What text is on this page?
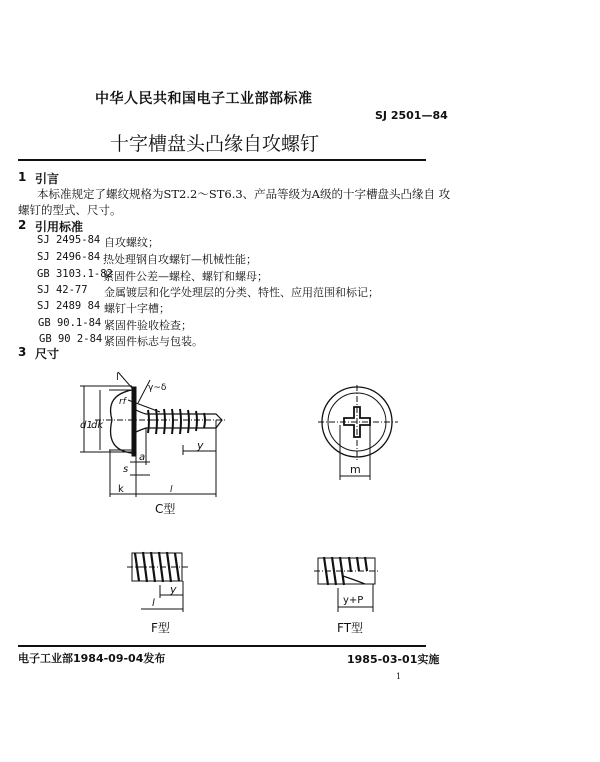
中华人民共和国电子工业部部标准
SJ 2501—84
十字槽盘头凸缘自攻螺钉
1 引言
本标准规定了螺纹规格为ST2.2～ST6.3、产品等级为A级的十字槽盘头凸缘自 攻
螺钉的型式、尺寸。
2 引用标准
SJ 2495-84 自攻螺纹；
SJ 2496-84 热处理钢自攻螺钉—机械性能；
GB 3103.1-82
紧固件公差—螺栓、螺钉和螺母；
SJ 42-77 金属镀层和化学处理层的分类、特性、应用范围和标记；
SJ 2489 84 螺钉十字槽；
GB 90.1-84 紧固件验收检查；
GB 90 2-84 紧固件标志与包装。
3 尺寸
l
γ~δ
rf
d1
dk
y
a
s
k	l
C型
m
y
l
F型
y+P
FT型
电子工业部1984-09-04发布	1985-03-01实施
1
